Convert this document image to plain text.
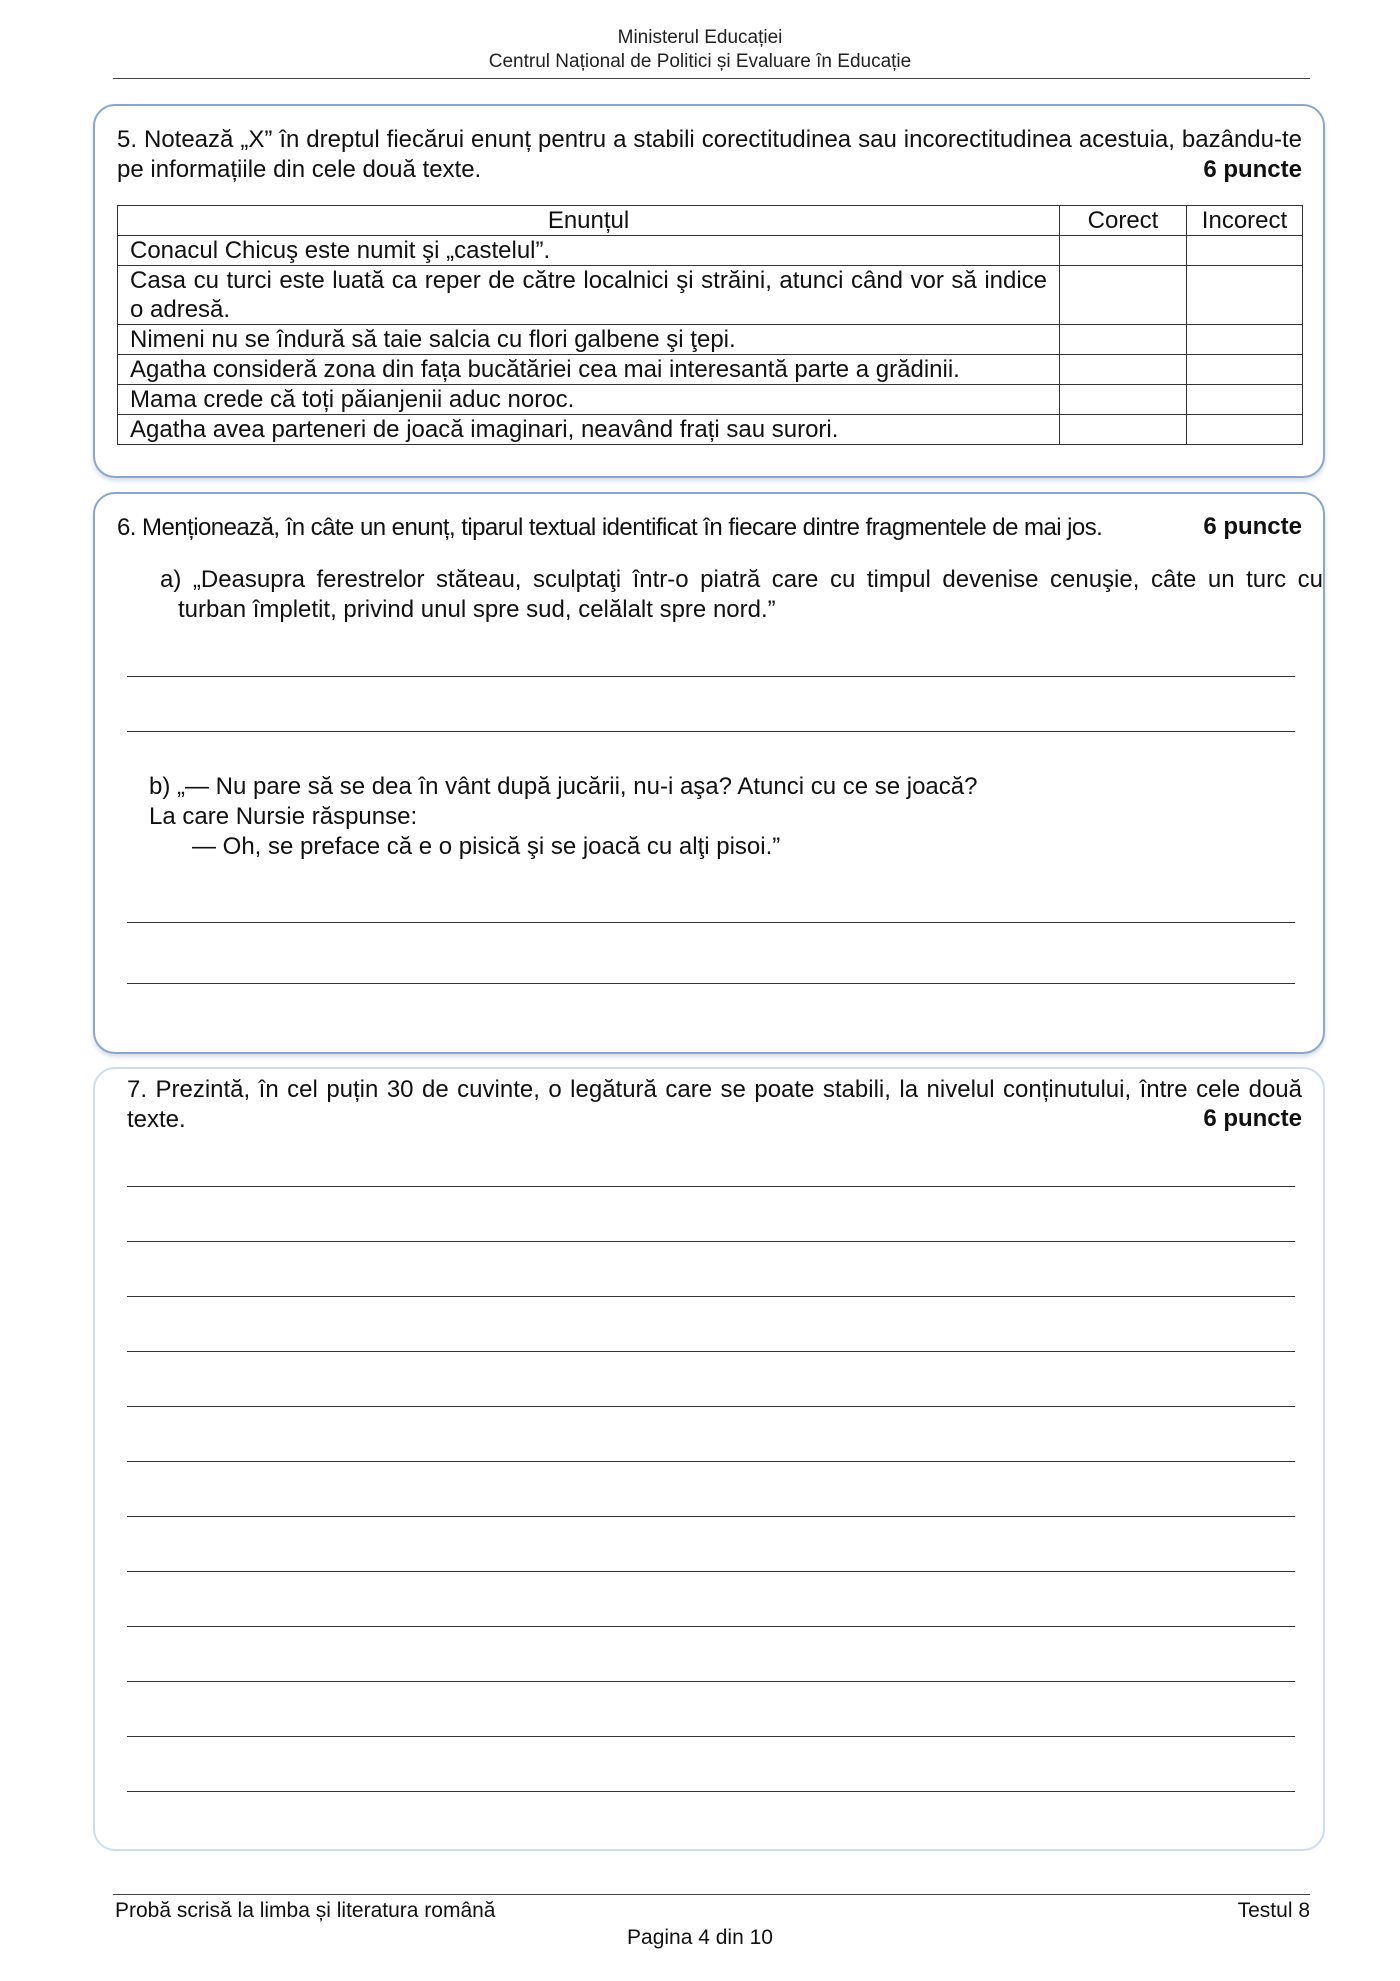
Ministerul Educației
Centrul Național de Politici și Evaluare în Educație
5. Notează „X” în dreptul fiecărui enunț pentru a stabili corectitudinea sau incorectitudinea acestuia, bazându-te pe informațiile din cele două texte.	6 puncte
Enunțul	Corect	Incorect
Conacul Chicuş este numit şi „castelul”.		
Casa cu turci este luată ca reper de către localnici şi străini, atunci când vor să indice o adresă.		
Nimeni nu se îndură să taie salcia cu flori galbene şi ţepi.		
Agatha consideră zona din fața bucătăriei cea mai interesantă parte a grădinii.		
Mama crede că toți păianjenii aduc noroc.		
Agatha avea parteneri de joacă imaginari, neavând frați sau surori.		
6. Menționează, în câte un enunț, tiparul textual identificat în fiecare dintre fragmentele de mai jos.	6 puncte
a) „Deasupra ferestrelor stăteau, sculptaţi într-o piatră care cu timpul devenise cenuşie, câte un turc cu turban împletit, privind unul spre sud, celălalt spre nord.”
b) „— Nu pare să se dea în vânt după jucării, nu-i aşa? Atunci cu ce se joacă?
La care Nursie răspunse:
— Oh, se preface că e o pisică şi se joacă cu alţi pisoi.”
7. Prezintă, în cel puțin 30 de cuvinte, o legătură care se poate stabili, la nivelul conținutului, între cele două texte.	6 puncte
Probă scrisă la limba și literatura română	Testul 8
Pagina 4 din 10
